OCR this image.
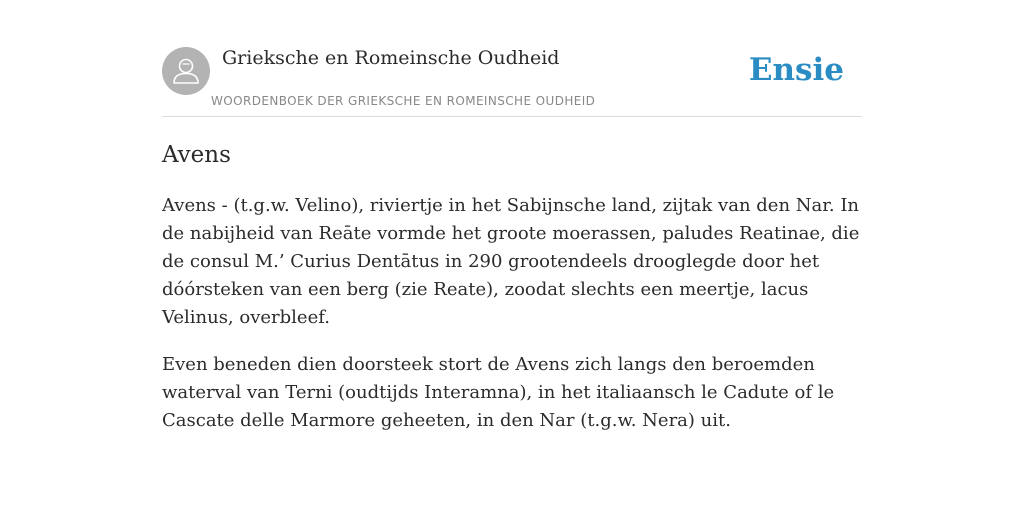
Grieksche en Romeinsche Oudheid
WOORDENBOEK DER GRIEKSCHE EN ROMEINSCHE OUDHEID
Ensie
Avens

Avens - (t.g.w. Velino), riviertje in het Sabijnsche land, zijtak van den Nar. In de nabijheid van Reāte vormde het groote moerassen, paludes Reatinae, die de consul M.’ Curius Dentātus in 290 grootendeels drooglegde door het dóórsteken van een berg (zie Reate), zoodat slechts een meertje, lacus Velinus, overbleef.

Even beneden dien doorsteek stort de Avens zich langs den beroemden waterval van Terni (oudtijds Interamna), in het italiaansch le Cadute of le Cascate delle Marmore geheeten, in den Nar (t.g.w. Nera) uit.
